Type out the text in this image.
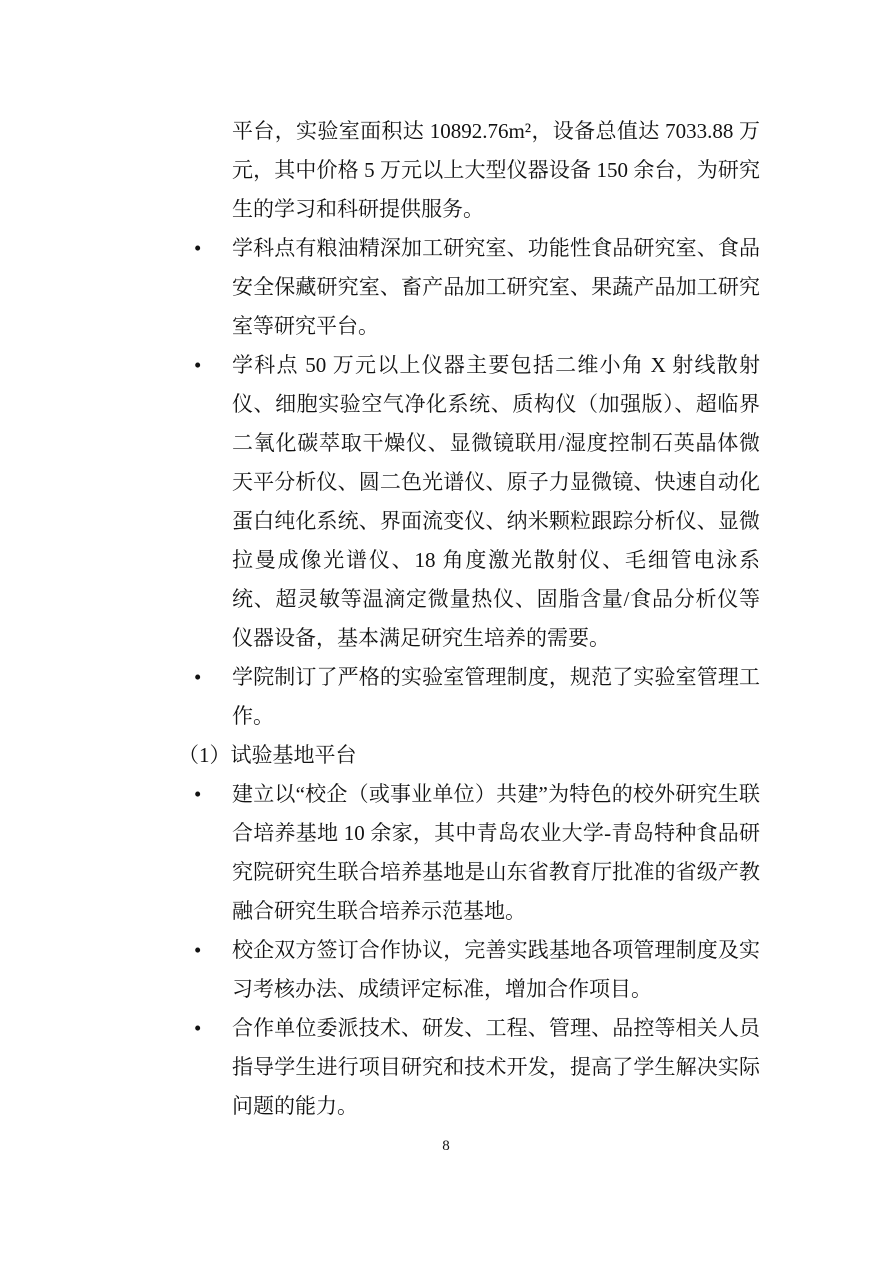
平台，实验室面积达 10892.76m²，设备总值达 7033.88 万元，其中价格 5 万元以上大型仪器设备 150 余台，为研究生的学习和科研提供服务。
•	学科点有粮油精深加工研究室、功能性食品研究室、食品安全保藏研究室、畜产品加工研究室、果蔬产品加工研究室等研究平台。
•	学科点 50 万元以上仪器主要包括二维小角 X 射线散射仪、细胞实验空气净化系统、质构仪（加强版）、超临界二氧化碳萃取干燥仪、显微镜联用/湿度控制石英晶体微天平分析仪、圆二色光谱仪、原子力显微镜、快速自动化蛋白纯化系统、界面流变仪、纳米颗粒跟踪分析仪、显微拉曼成像光谱仪、18 角度激光散射仪、毛细管电泳系统、超灵敏等温滴定微量热仪、固脂含量/食品分析仪等仪器设备，基本满足研究生培养的需要。
•	学院制订了严格的实验室管理制度，规范了实验室管理工作。
（1）试验基地平台
•	建立以“校企（或事业单位）共建”为特色的校外研究生联合培养基地 10 余家，其中青岛农业大学-青岛特种食品研究院研究生联合培养基地是山东省教育厅批准的省级产教融合研究生联合培养示范基地。
•	校企双方签订合作协议，完善实践基地各项管理制度及实习考核办法、成绩评定标准，增加合作项目。
•	合作单位委派技术、研发、工程、管理、品控等相关人员指导学生进行项目研究和技术开发，提高了学生解决实际问题的能力。
8
